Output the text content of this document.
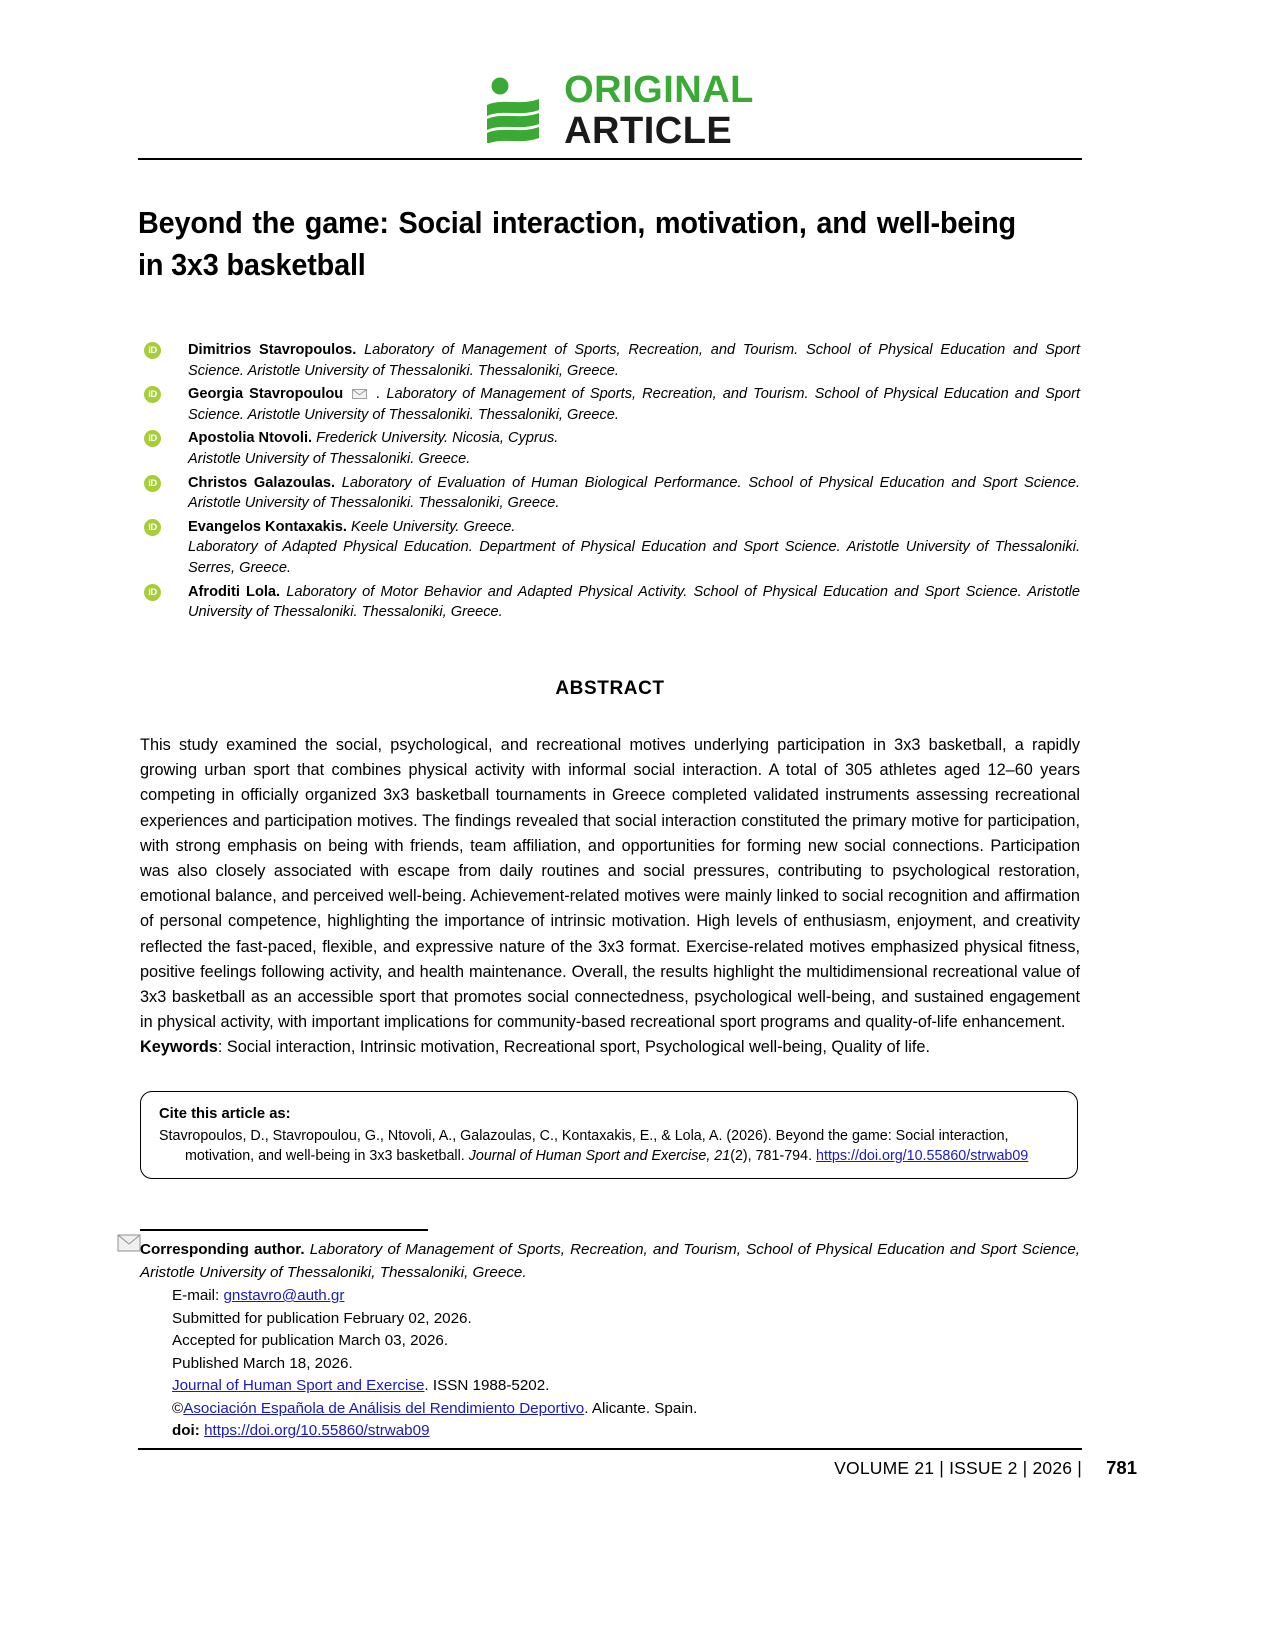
ORIGINAL
ARTICLE
Beyond the game: Social interaction, motivation, and well-being in 3x3 basketball
iD Dimitrios Stavropoulos. Laboratory of Management of Sports, Recreation, and Tourism. School of Physical Education and Sport Science. Aristotle University of Thessaloniki. Thessaloniki, Greece.
iD Georgia Stavropoulou . Laboratory of Management of Sports, Recreation, and Tourism. School of Physical Education and Sport Science. Aristotle University of Thessaloniki. Thessaloniki, Greece.
iD Apostolia Ntovoli. Frederick University. Nicosia, Cyprus.
Aristotle University of Thessaloniki. Greece.
iD Christos Galazoulas. Laboratory of Evaluation of Human Biological Performance. School of Physical Education and Sport Science. Aristotle University of Thessaloniki. Thessaloniki, Greece.
iD Evangelos Kontaxakis. Keele University. Greece.
Laboratory of Adapted Physical Education. Department of Physical Education and Sport Science. Aristotle University of Thessaloniki. Serres, Greece.
iD Afroditi Lola. Laboratory of Motor Behavior and Adapted Physical Activity. School of Physical Education and Sport Science. Aristotle University of Thessaloniki. Thessaloniki, Greece.
ABSTRACT
This study examined the social, psychological, and recreational motives underlying participation in 3x3 basketball, a rapidly growing urban sport that combines physical activity with informal social interaction. A total of 305 athletes aged 12–60 years competing in officially organized 3x3 basketball tournaments in Greece completed validated instruments assessing recreational experiences and participation motives. The findings revealed that social interaction constituted the primary motive for participation, with strong emphasis on being with friends, team affiliation, and opportunities for forming new social connections. Participation was also closely associated with escape from daily routines and social pressures, contributing to psychological restoration, emotional balance, and perceived well-being. Achievement-related motives were mainly linked to social recognition and affirmation of personal competence, highlighting the importance of intrinsic motivation. High levels of enthusiasm, enjoyment, and creativity reflected the fast-paced, flexible, and expressive nature of the 3x3 format. Exercise-related motives emphasized physical fitness, positive feelings following activity, and health maintenance. Overall, the results highlight the multidimensional recreational value of 3x3 basketball as an accessible sport that promotes social connectedness, psychological well-being, and sustained engagement in physical activity, with important implications for community-based recreational sport programs and quality-of-life enhancement.
Keywords: Social interaction, Intrinsic motivation, Recreational sport, Psychological well-being, Quality of life.
Cite this article as:
Stavropoulos, D., Stavropoulou, G., Ntovoli, A., Galazoulas, C., Kontaxakis, E., & Lola, A. (2026). Beyond the game: Social interaction,
motivation, and well-being in 3x3 basketball. Journal of Human Sport and Exercise, 21(2), 781-794. https://doi.org/10.55860/strwab09
Corresponding author. Laboratory of Management of Sports, Recreation, and Tourism, School of Physical Education and Sport Science, Aristotle University of Thessaloniki, Thessaloniki, Greece.
E-mail: gnstavro@auth.gr
Submitted for publication February 02, 2026.
Accepted for publication March 03, 2026.
Published March 18, 2026.
Journal of Human Sport and Exercise. ISSN 1988-5202.
©Asociación Española de Análisis del Rendimiento Deportivo. Alicante. Spain.
doi: https://doi.org/10.55860/strwab09
VOLUME 21 | ISSUE 2 | 2026 | 781
